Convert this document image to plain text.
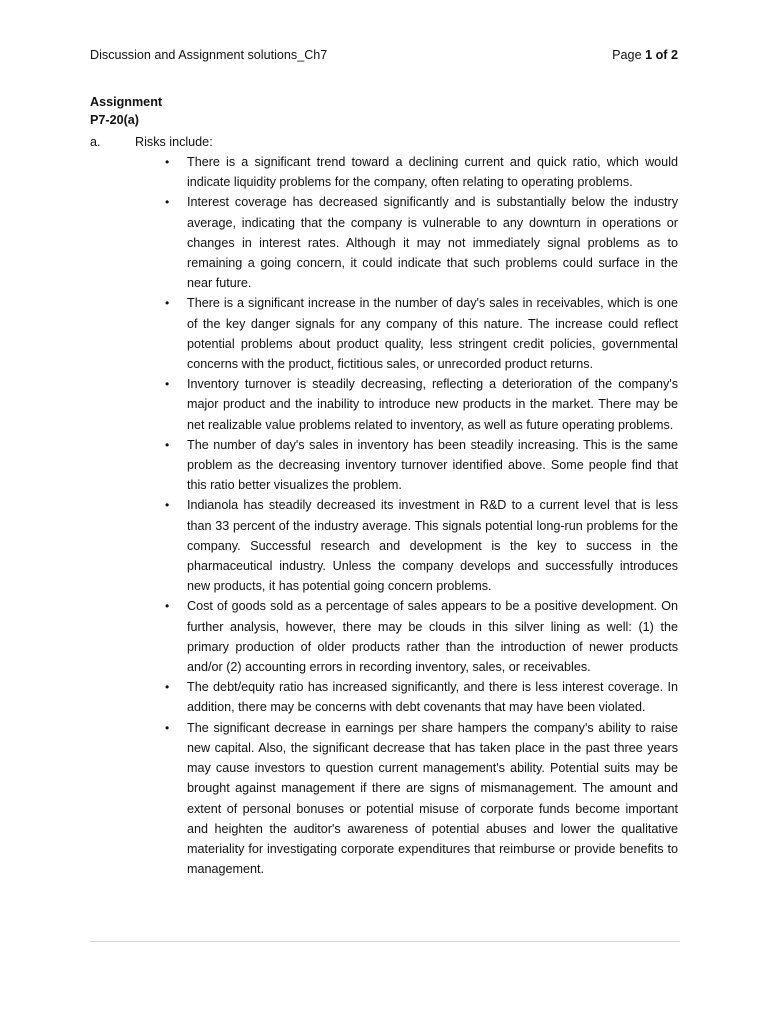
Discussion and Assignment solutions_Ch7	Page 1 of 2
Assignment
P7-20(a)
a.	Risks include:
• There is a significant trend toward a declining current and quick ratio, which would indicate liquidity problems for the company, often relating to operating problems.
• Interest coverage has decreased significantly and is substantially below the industry average, indicating that the company is vulnerable to any downturn in operations or changes in interest rates. Although it may not immediately signal problems as to remaining a going concern, it could indicate that such problems could surface in the near future.
• There is a significant increase in the number of day's sales in receivables, which is one of the key danger signals for any company of this nature. The increase could reflect potential problems about product quality, less stringent credit policies, governmental concerns with the product, fictitious sales, or unrecorded product returns.
• Inventory turnover is steadily decreasing, reflecting a deterioration of the company's major product and the inability to introduce new products in the market. There may be net realizable value problems related to inventory, as well as future operating problems.
• The number of day's sales in inventory has been steadily increasing. This is the same problem as the decreasing inventory turnover identified above. Some people find that this ratio better visualizes the problem.
• Indianola has steadily decreased its investment in R&D to a current level that is less than 33 percent of the industry average. This signals potential long-run problems for the company. Successful research and development is the key to success in the pharmaceutical industry. Unless the company develops and successfully introduces new products, it has potential going concern problems.
• Cost of goods sold as a percentage of sales appears to be a positive development. On further analysis, however, there may be clouds in this silver lining as well: (1) the primary production of older products rather than the introduction of newer products and/or (2) accounting errors in recording inventory, sales, or receivables.
• The debt/equity ratio has increased significantly, and there is less interest coverage. In addition, there may be concerns with debt covenants that may have been violated.
• The significant decrease in earnings per share hampers the company's ability to raise new capital. Also, the significant decrease that has taken place in the past three years may cause investors to question current management's ability. Potential suits may be brought against management if there are signs of mismanagement. The amount and extent of personal bonuses or potential misuse of corporate funds become important and heighten the auditor's awareness of potential abuses and lower the qualitative materiality for investigating corporate expenditures that reimburse or provide benefits to management.
